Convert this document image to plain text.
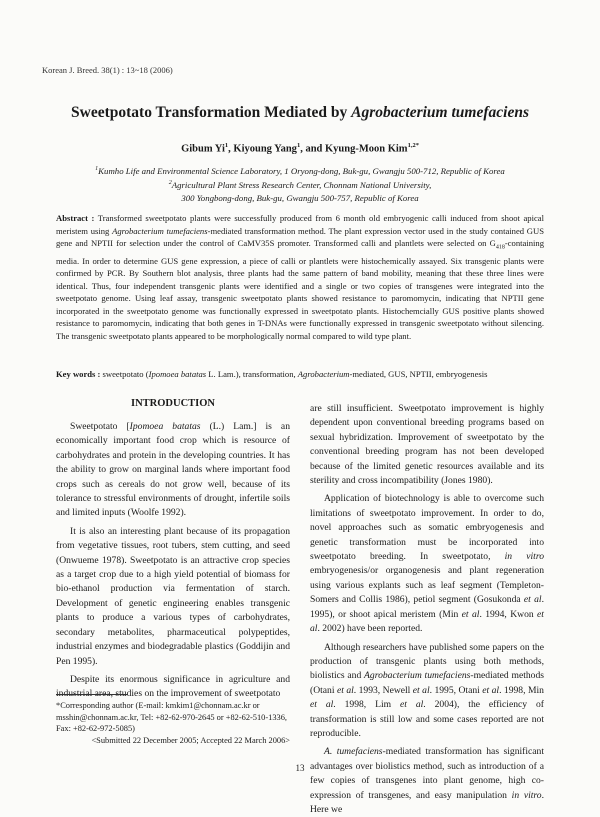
Korean J. Breed. 38(1) : 13~18 (2006)
Sweetpotato Transformation Mediated by Agrobacterium tumefaciens
Gibum Yi$^1$, Kiyoung Yang$^1$, and Kyung-Moon Kim$^{1,2*}$
$^1$Kumho Life and Environmental Science Laboratory, 1 Oryong-dong, Buk-gu, Gwangju 500-712, Republic of Korea
$^2$Agricultural Plant Stress Research Center, Chonnam National University,
300 Yongbong-dong, Buk-gu, Gwangju 500-757, Republic of Korea
Abstract : Transformed sweetpotato plants were successfully produced from 6 month old embryogenic calli induced from shoot apical meristem using Agrobacterium tumefaciens-mediated transformation method. The plant expression vector used in the study contained GUS gene and NPTII for selection under the control of CaMV35S promoter. Transformed calli and plantlets were selected on $G_{418}$-containing media. In order to determine GUS gene expression, a piece of calli or plantlets were histochemically assayed. Six transgenic plants were confirmed by PCR. By Southern blot analysis, three plants had the same pattern of band mobility, meaning that these three lines were identical. Thus, four independent transgenic plants were identified and a single or two copies of transgenes were integrated into the sweetpotato genome. Using leaf assay, transgenic sweetpotato plants showed resistance to paromomycin, indicating that NPTII gene incorporated in the sweetpotato genome was functionally expressed in sweetpotato plants. Histochemcially GUS positive plants showed resistance to paromomycin, indicating that both genes in T-DNAs were functionally expressed in transgenic sweetpotato without silencing. The transgenic sweetpotato plants appeared to be morphologically normal compared to wild type plant.
Key words : sweetpotato (Ipomoea batatas L. Lam.), transformation, Agrobacterium-mediated, GUS, NPTII, embryogenesis
INTRODUCTION

Sweetpotato [Ipomoea batatas (L.) Lam.] is an economically important food crop which is resource of carbohydrates and protein in the developing countries. It has the ability to grow on marginal lands where important food crops such as cereals do not grow well, because of its tolerance to stressful environments of drought, infertile soils and limited inputs (Woolfe 1992).

It is also an interesting plant because of its propagation from vegetative tissues, root tubers, stem cutting, and seed (Onwueme 1978). Sweetpotato is an attractive crop species as a target crop due to a high yield potential of biomass for bio-ethanol production via fermentation of starch. Development of genetic engineering enables transgenic plants to produce a various types of carbohydrates, secondary metabolites, pharmaceutical polypeptides, industrial enzymes and biodegradable plastics (Goddijin and Pen 1995).

Despite its enormous significance in agriculture and industrial area, studies on the improvement of sweetpotato

are still insufficient. Sweetpotato improvement is highly dependent upon conventional breeding programs based on sexual hybridization. Improvement of sweetpotato by the conventional breeding program has not been developed because of the limited genetic resources available and its sterility and cross incompatibility (Jones 1980).

Application of biotechnology is able to overcome such limitations of sweetpotato improvement. In order to do, novel approaches such as somatic embryogenesis and genetic transformation must be incorporated into sweetpotato breeding. In sweetpotato, in vitro embryogenesis/or organogenesis and plant regeneration using various explants such as leaf segment (Templeton-Somers and Collis 1986), petiol segment (Gosukonda et al. 1995), or shoot apical meristem (Min et al. 1994, Kwon et al. 2002) have been reported.

Although researchers have published some papers on the production of transgenic plants using both methods, biolistics and Agrobacterium tumefaciens-mediated methods (Otani et al. 1993, Newell et al. 1995, Otani et al. 1998, Min et al. 1998, Lim et al. 2004), the efficiency of transformation is still low and some cases reported are not reproducible.

A. tumefaciens-mediated transformation has significant advantages over biolistics method, such as introduction of a few copies of transgenes into plant genome, high co-expression of transgenes, and easy manipulation in vitro. Here we

*Corresponding author (E-mail: kmkim1@chonnam.ac.kr or msshin@chonnam.ac.kr, Tel: +82-62-970-2645 or +82-62-510-1336, Fax: +82-62-972-5085)

<Submitted 22 December 2005; Accepted 22 March 2006>

13
